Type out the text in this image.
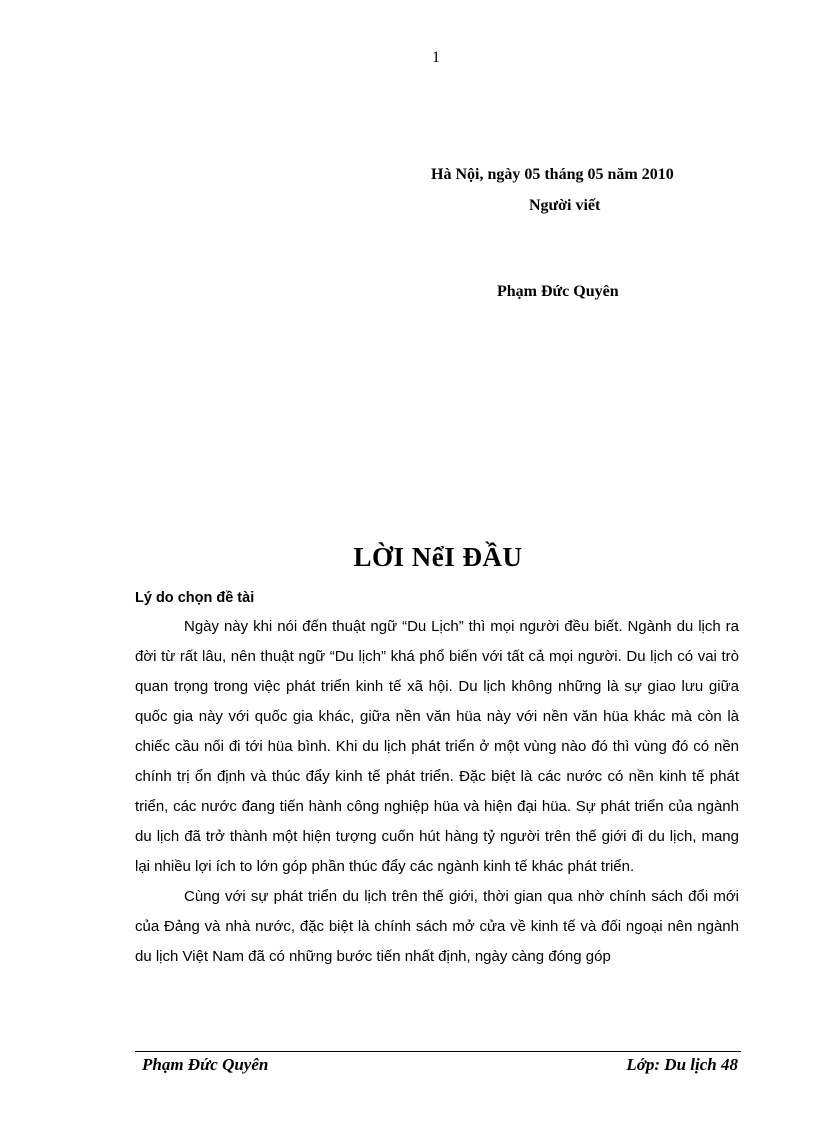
1
Hà Nội, ngày 05 tháng 05 năm 2010
Người viết
Phạm Đức Quyên
LỜI NểI ĐẦU
Lý do chọn đề tài

Ngày này khi nói đến thuật ngữ “Du Lịch” thì mọi người đều biết. Ngành du lịch ra đời từ rất lâu, nên thuật ngữ “Du lịch” khá phổ biến với tất cả mọi người. Du lịch có vai trò quan trọng trong việc phát triển kinh tế xã hội. Du lịch không những là sự giao lưu giữa quốc gia này với quốc gia khác, giữa nền văn hüa này với nền văn hüa khác mà còn là chiếc cầu nối đi tới hüa bình. Khi du lịch phát triển ở một vùng nào đó thì vùng đó có nền chính trị ổn định và thúc đẩy kinh tế phát triển. Đặc biệt là các nước có nền kinh tế phát triển, các nước đang tiến hành công nghiệp hüa và hiện đại hüa. Sự phát triển của ngành du lịch đã trở thành một hiện tượng cuốn hút hàng tỷ người trên thế giới đi du lịch, mang lại nhiều lợi ích to lớn góp phần thúc đẩy các ngành kinh tế khác phát triển.

Cùng với sự phát triển du lịch trên thế giới, thời gian qua nhờ chính sách đổi mới của Đảng và nhà nước, đặc biệt là chính sách mở cửa về kinh tế và đối ngoại nên ngành du lịch Việt Nam đã có những bước tiến nhất định, ngày càng đóng góp

Phạm Đức Quyên	Lớp: Du lịch 48
